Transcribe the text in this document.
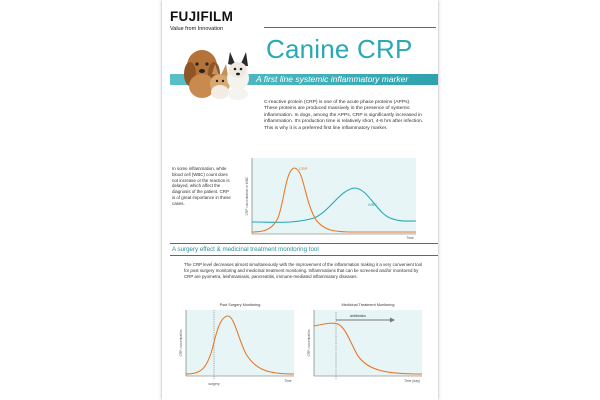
FUJIFILM
Value from Innovation
Canine CRP
A first line systemic inflammatory marker
C-reactive protein (CRP) is one of the acute phase proteins (APPs). These proteins are produced massively in the presence of systemic inflammation. In dogs, among the APPs, CRP is significantly increased in inflammation. It's production time is relatively short, 4-6 hrs after infection. This is why it is a preferred first line inflammatory marker.
In some inflammation, white blood cell (WBC) count does not increase or the reaction is delayed, which affect the diagnosis of the patient. CRP is of great importance in these cases.	CRP concentration or WBC
Time
CRP
WBC
A surgery effect & medicinal treatment monitoring tool
The CRP level decreases almost simultaneously with the improvement of the inflammation making it a very convenient tool for post surgery monitoring and medicinal treatment monitoring. Inflammations that can be screened and/or monitored by CRP are pyometra, leishmaniasis, pancreatitis, immune-mediated inflammatory diseases.
Post Surgery Monitoring
CRP concentration
Time
surgery
Medicinal Treatment Monitoring
antibiotics
CRP concentration
Time (day)
